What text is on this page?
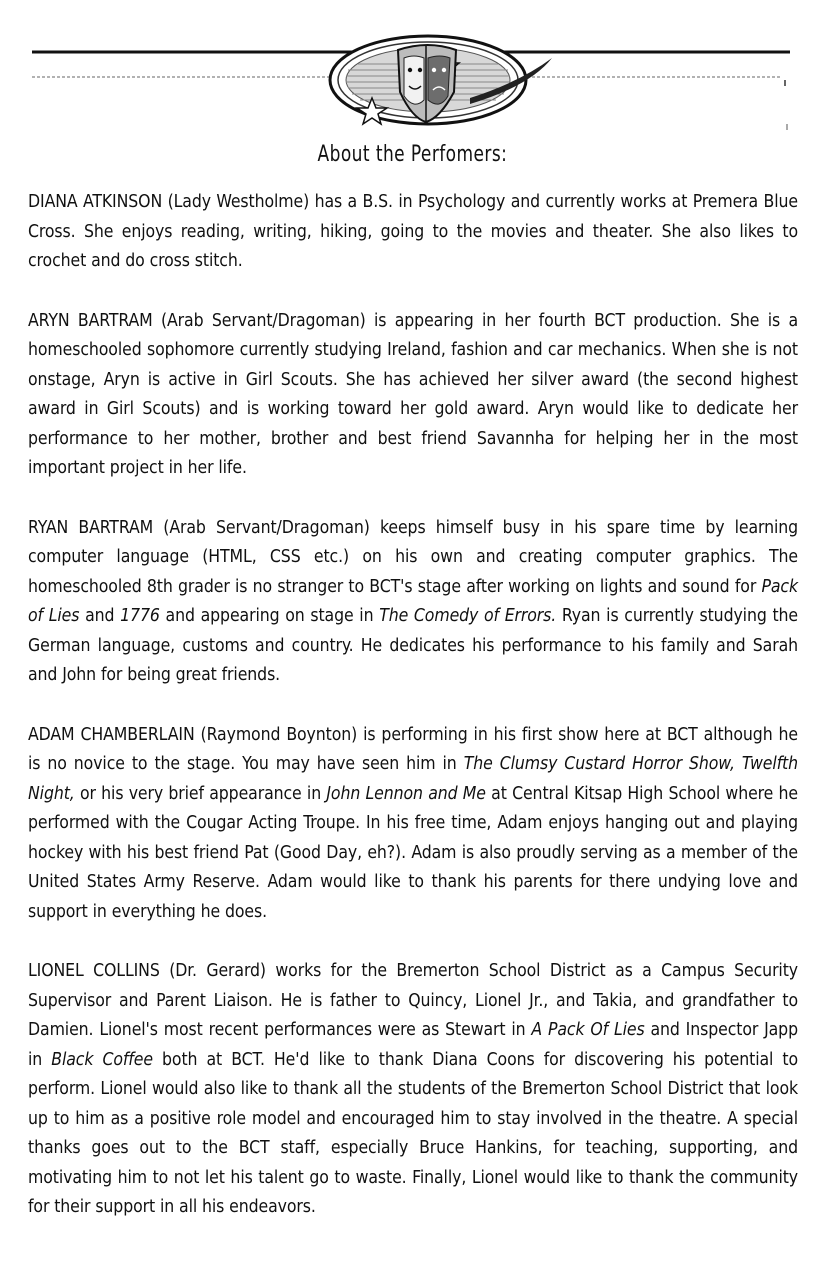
About the Perfomers:

DIANA ATKINSON (Lady Westholme) has a B.S. in Psychology and currently works at Premera Blue Cross. She enjoys reading, writing, hiking, going to the movies and theater. She also likes to crochet and do cross stitch.

ARYN BARTRAM (Arab Servant/Dragoman) is appearing in her fourth BCT production. She is a homeschooled sophomore currently studying Ireland, fashion and car mechanics. When she is not onstage, Aryn is active in Girl Scouts. She has achieved her silver award (the second highest award in Girl Scouts) and is working toward her gold award. Aryn would like to dedicate her performance to her mother, brother and best friend Savannha for helping her in the most important project in her life.

RYAN BARTRAM (Arab Servant/Dragoman) keeps himself busy in his spare time by learning computer language (HTML, CSS etc.) on his own and creating computer graphics. The homeschooled 8th grader is no stranger to BCT's stage after working on lights and sound for Pack of Lies and 1776 and appearing on stage in The Comedy of Errors. Ryan is currently studying the German language, customs and country. He dedicates his performance to his family and Sarah and John for being great friends.

ADAM CHAMBERLAIN (Raymond Boynton) is performing in his first show here at BCT although he is no novice to the stage. You may have seen him in The Clumsy Custard Horror Show, Twelfth Night, or his very brief appearance in John Lennon and Me at Central Kitsap High School where he performed with the Cougar Acting Troupe. In his free time, Adam enjoys hanging out and playing hockey with his best friend Pat (Good Day, eh?). Adam is also proudly serving as a member of the United States Army Reserve. Adam would like to thank his parents for there undying love and support in everything he does.

LIONEL COLLINS (Dr. Gerard) works for the Bremerton School District as a Campus Security Supervisor and Parent Liaison. He is father to Quincy, Lionel Jr., and Takia, and grandfather to Damien. Lionel's most recent performances were as Stewart in A Pack Of Lies and Inspector Japp in Black Coffee both at BCT. He'd like to thank Diana Coons for discovering his potential to perform. Lionel would also like to thank all the students of the Bremerton School District that look up to him as a positive role model and encouraged him to stay involved in the theatre. A special thanks goes out to the BCT staff, especially Bruce Hankins, for teaching, supporting, and motivating him to not let his talent go to waste. Finally, Lionel would like to thank the community for their support in all his endeavors.
